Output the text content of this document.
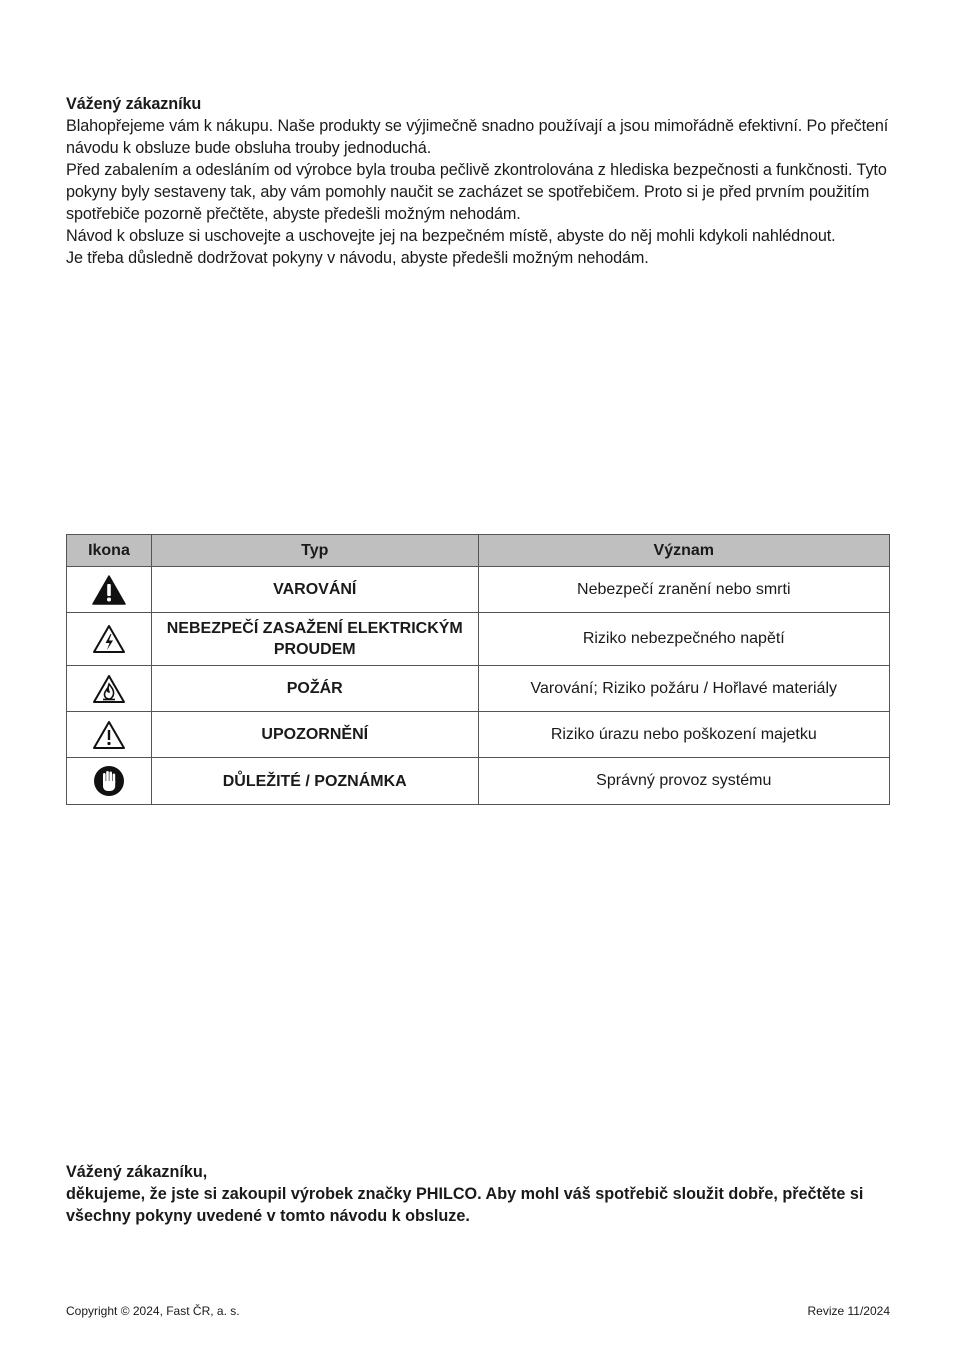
Vážený zákazníku

Blahopřejeme vám k nákupu. Naše produkty se výjimečně snadno používají a jsou mimořádně efektivní. Po přečtení návodu k obsluze bude obsluha trouby jednoduchá.

Před zabalením a odesláním od výrobce byla trouba pečlivě zkontrolována z hlediska bezpečnosti a funkčnosti. Tyto pokyny byly sestaveny tak, aby vám pomohly naučit se zacházet se spotřebičem. Proto si je před prvním použitím spotřebiče pozorně přečtěte, abyste předešli možným nehodám.

Návod k obsluze si uschovejte a uschovejte jej na bezpečném místě, abyste do něj mohli kdykoli nahlédnout.

Je třeba důsledně dodržovat pokyny v návodu, abyste předešli možným nehodám.

Ikona	Typ	Význam

	VAROVÁNÍ	Nebezpečí zranění nebo smrti

	NEBEZPEČÍ ZASAŽENÍ ELEKTRICKÝM PROUDEM	Riziko nebezpečného napětí

	POŽÁR	Varování; Riziko požáru / Hořlavé materiály

	UPOZORNĚNÍ	Riziko úrazu nebo poškození majetku

	DŮLEŽITÉ / POZNÁMKA	Správný provoz systému

Vážený zákazníku,

děkujeme, že jste si zakoupil výrobek značky PHILCO. Aby mohl váš spotřebič sloužit dobře, přečtěte si všechny pokyny uvedené v tomto návodu k obsluze.

Copyright © 2024, Fast ČR, a. s.	Revize 11/2024
